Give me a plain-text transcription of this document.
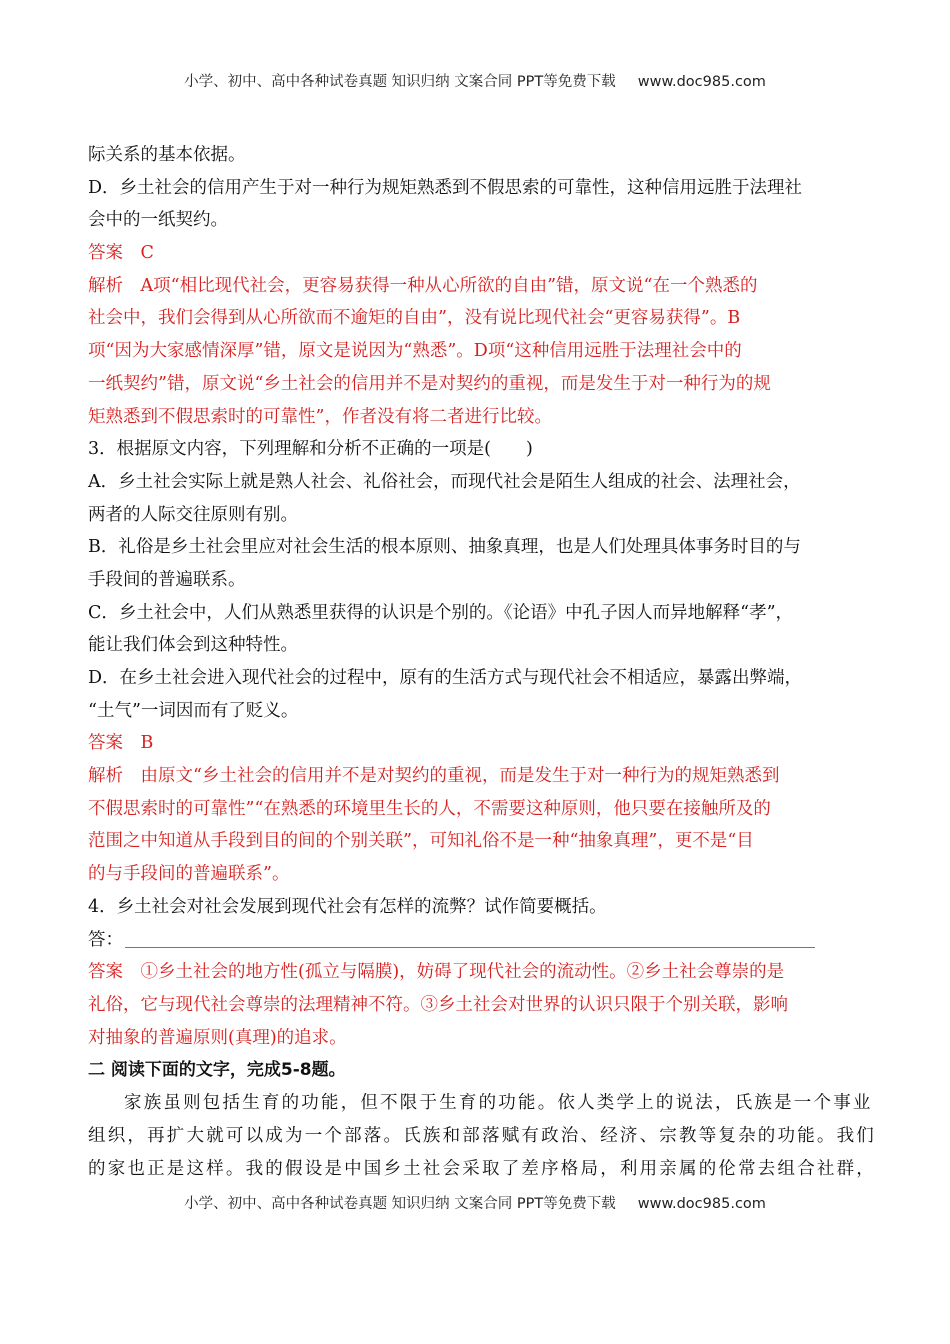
小学、初中、高中各种试卷真题 知识归纳 文案合同 PPT等免费下载 www.doc985.com
际关系的基本依据。
D．乡土社会的信用产生于对一种行为规矩熟悉到不假思索的可靠性，这种信用远胜于法理社
会中的一纸契约。
答案　C
解析　A项“相比现代社会，更容易获得一种从心所欲的自由”错，原文说“在一个熟悉的
社会中，我们会得到从心所欲而不逾矩的自由”，没有说比现代社会“更容易获得”。B
项“因为大家感情深厚”错，原文是说因为“熟悉”。D项“这种信用远胜于法理社会中的
一纸契约”错，原文说“乡土社会的信用并不是对契约的重视，而是发生于对一种行为的规
矩熟悉到不假思索时的可靠性”，作者没有将二者进行比较。
3．根据原文内容，下列理解和分析不正确的一项是(　　)
A．乡土社会实际上就是熟人社会、礼俗社会，而现代社会是陌生人组成的社会、法理社会，
两者的人际交往原则有别。
B．礼俗是乡土社会里应对社会生活的根本原则、抽象真理，也是人们处理具体事务时目的与
手段间的普遍联系。
C．乡土社会中，人们从熟悉里获得的认识是个别的。《论语》中孔子因人而异地解释“孝”，
能让我们体会到这种特性。
D．在乡土社会进入现代社会的过程中，原有的生活方式与现代社会不相适应，暴露出弊端，
“土气”一词因而有了贬义。
答案　B
解析　由原文“乡土社会的信用并不是对契约的重视，而是发生于对一种行为的规矩熟悉到
不假思索时的可靠性”“在熟悉的环境里生长的人，不需要这种原则，他只要在接触所及的
范围之中知道从手段到目的间的个别关联”，可知礼俗不是一种“抽象真理”，更不是“目
的与手段间的普遍联系”。
4．乡土社会对社会发展到现代社会有怎样的流弊？试作简要概括。
答：
答案　①乡土社会的地方性(孤立与隔膜)，妨碍了现代社会的流动性。②乡土社会尊崇的是
礼俗，它与现代社会尊崇的法理精神不符。③乡土社会对世界的认识只限于个别关联，影响
对抽象的普遍原则(真理)的追求。
二 阅读下面的文字，完成5-8题。
家族虽则包括生育的功能，但不限于生育的功能。依人类学上的说法，氏族是一个事业
组织，再扩大就可以成为一个部落。氏族和部落赋有政治、经济、宗教等复杂的功能。我们
的家也正是这样。我的假设是中国乡土社会采取了差序格局，利用亲属的伦常去组合社群，
小学、初中、高中各种试卷真题 知识归纳 文案合同 PPT等免费下载 www.doc985.com
